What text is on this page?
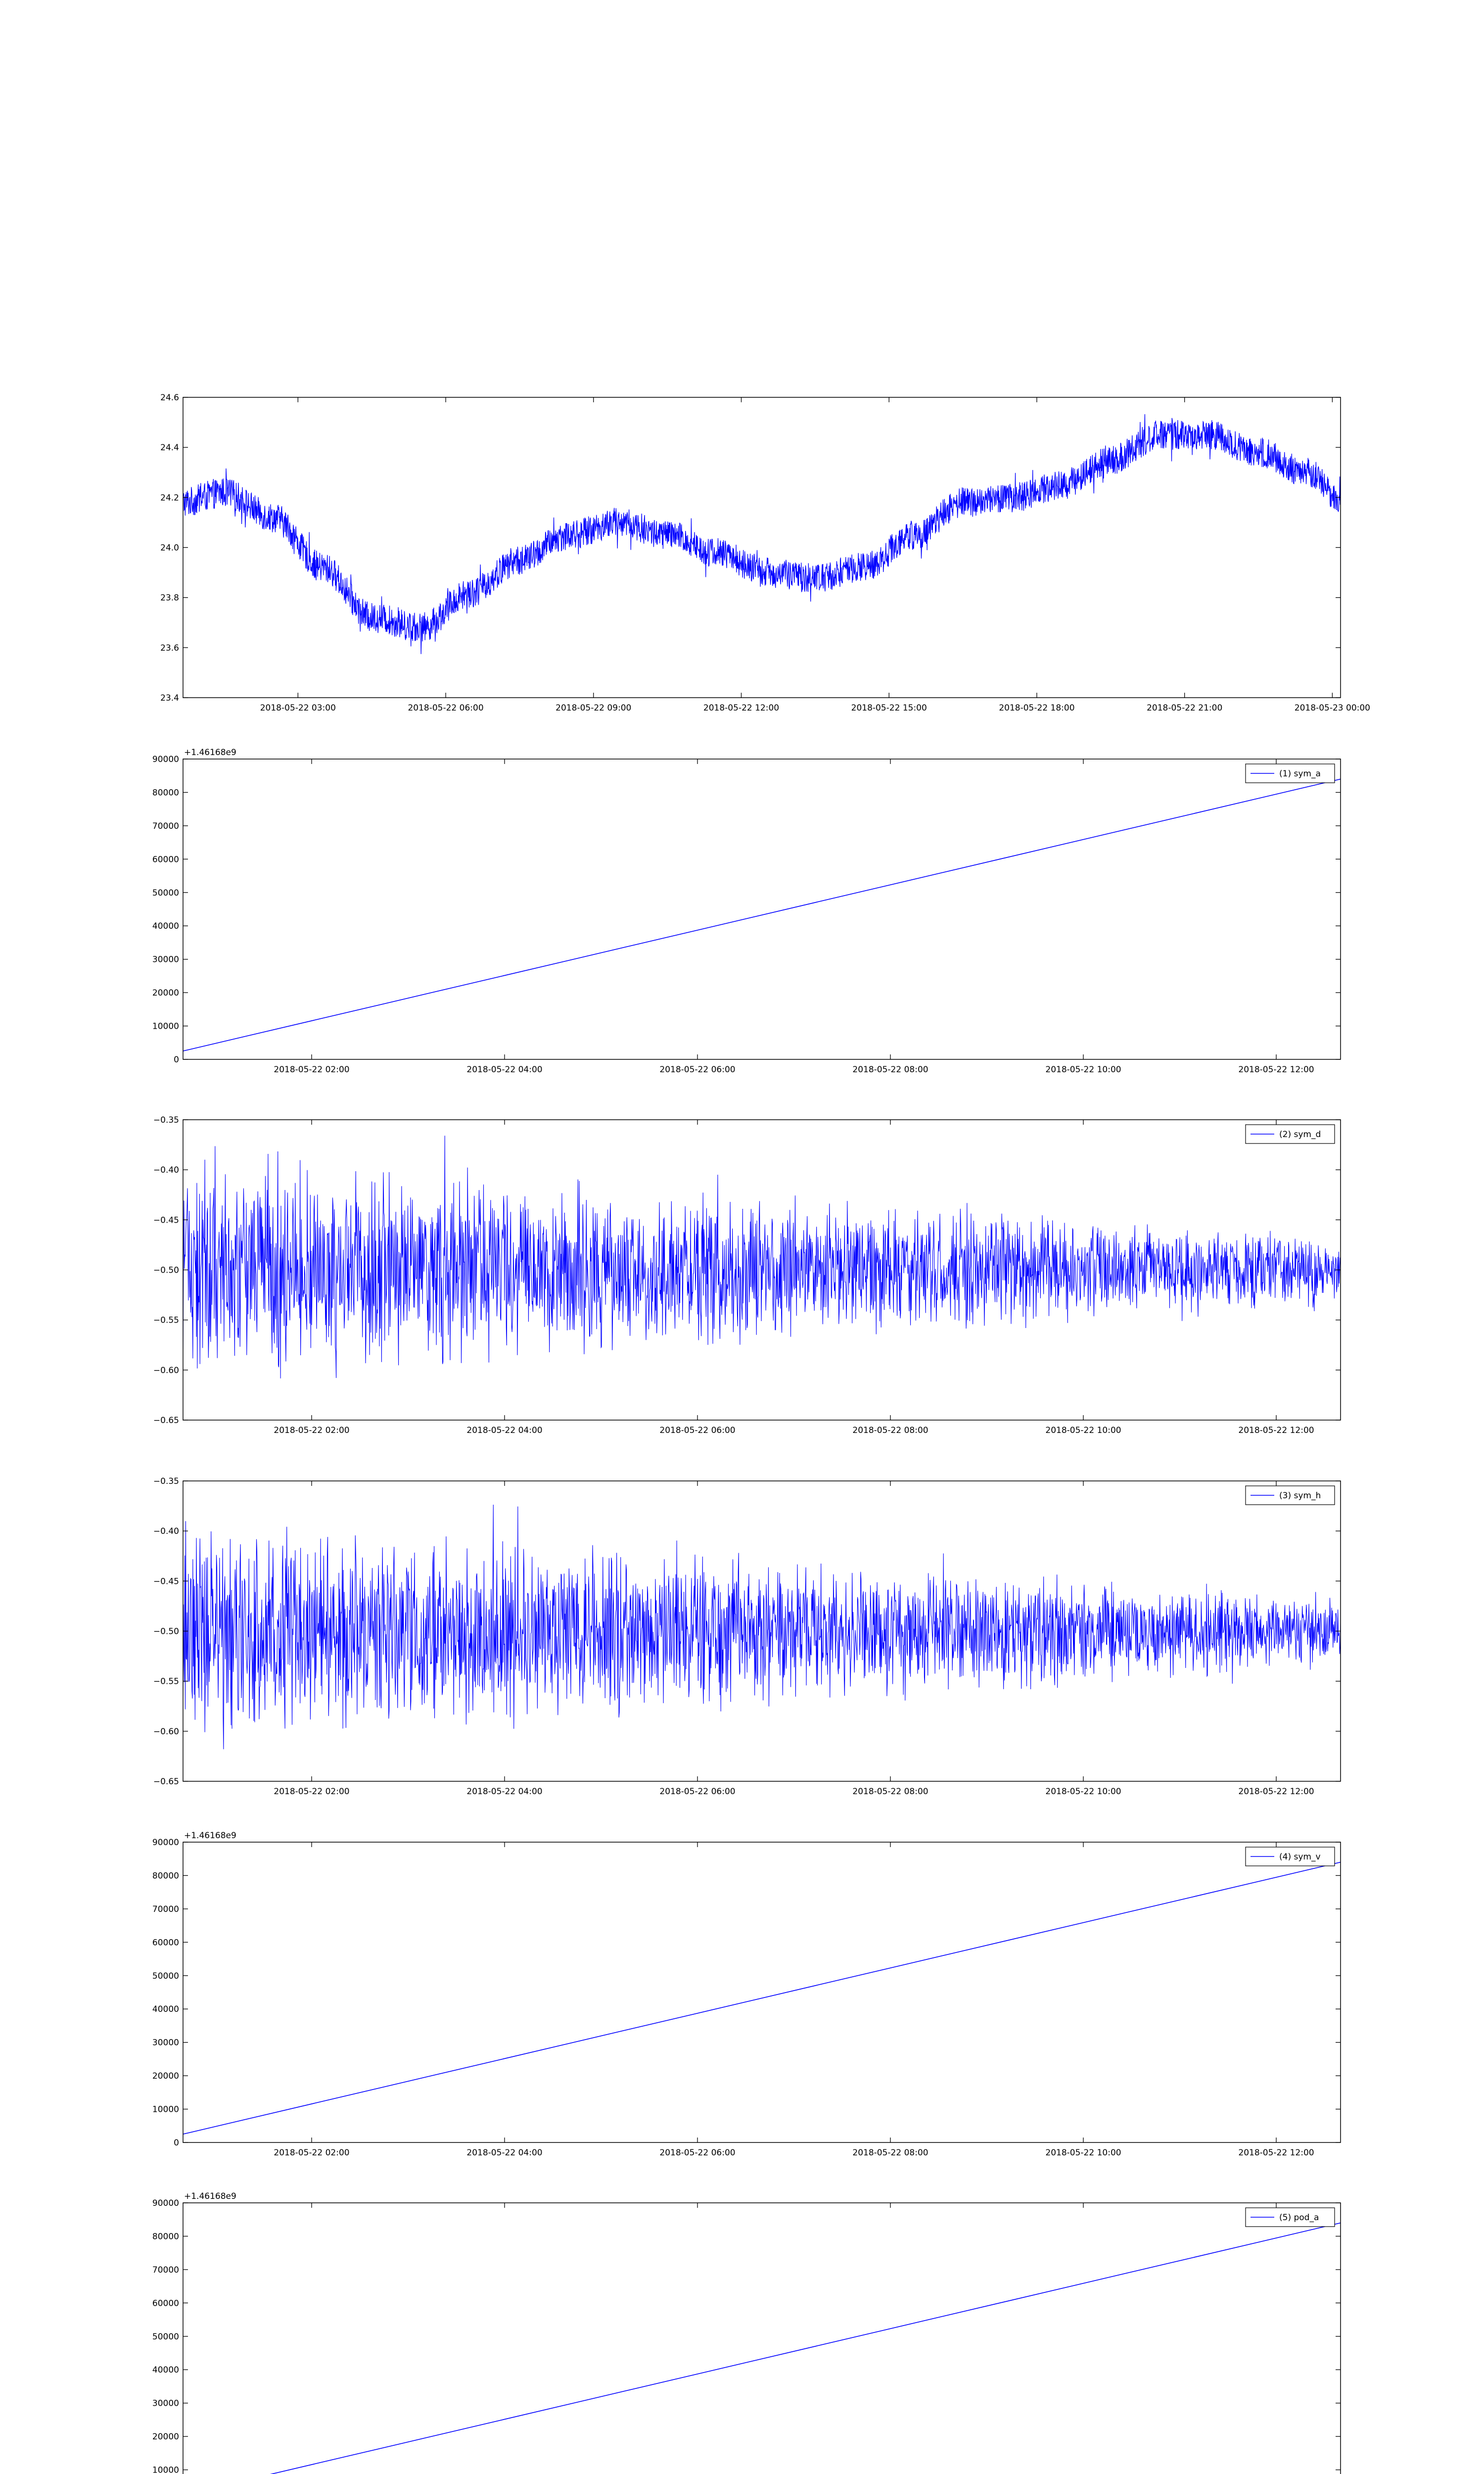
23.4
23.6
23.8
24.0
24.2
24.4
24.6
2018-05-22 03:00	2018-05-22 06:00	2018-05-22 09:00	2018-05-22 12:00	2018-05-22 15:00	2018-05-22 18:00	2018-05-22 21:00	2018-05-23 00:00
0
10000
20000
30000
40000
50000
60000
70000
80000
90000
2018-05-22 02:00	2018-05-22 04:00	2018-05-22 06:00	2018-05-22 08:00	2018-05-22 10:00	2018-05-22 12:00
+1.46168e9
(1) sym_a
−0.65
−0.60
−0.55
−0.50
−0.45
−0.40
−0.35
2018-05-22 02:00	2018-05-22 04:00	2018-05-22 06:00	2018-05-22 08:00	2018-05-22 10:00	2018-05-22 12:00
(2) sym_d
−0.65
−0.60
−0.55
−0.50
−0.45
−0.40
−0.35
2018-05-22 02:00	2018-05-22 04:00	2018-05-22 06:00	2018-05-22 08:00	2018-05-22 10:00	2018-05-22 12:00
(3) sym_h
0
10000
20000
30000
40000
50000
60000
70000
80000
90000
2018-05-22 02:00	2018-05-22 04:00	2018-05-22 06:00	2018-05-22 08:00	2018-05-22 10:00	2018-05-22 12:00
+1.46168e9
(4) sym_v
10000
20000
30000
40000
50000
60000
70000
80000
90000
+1.46168e9
(5) pod_a
